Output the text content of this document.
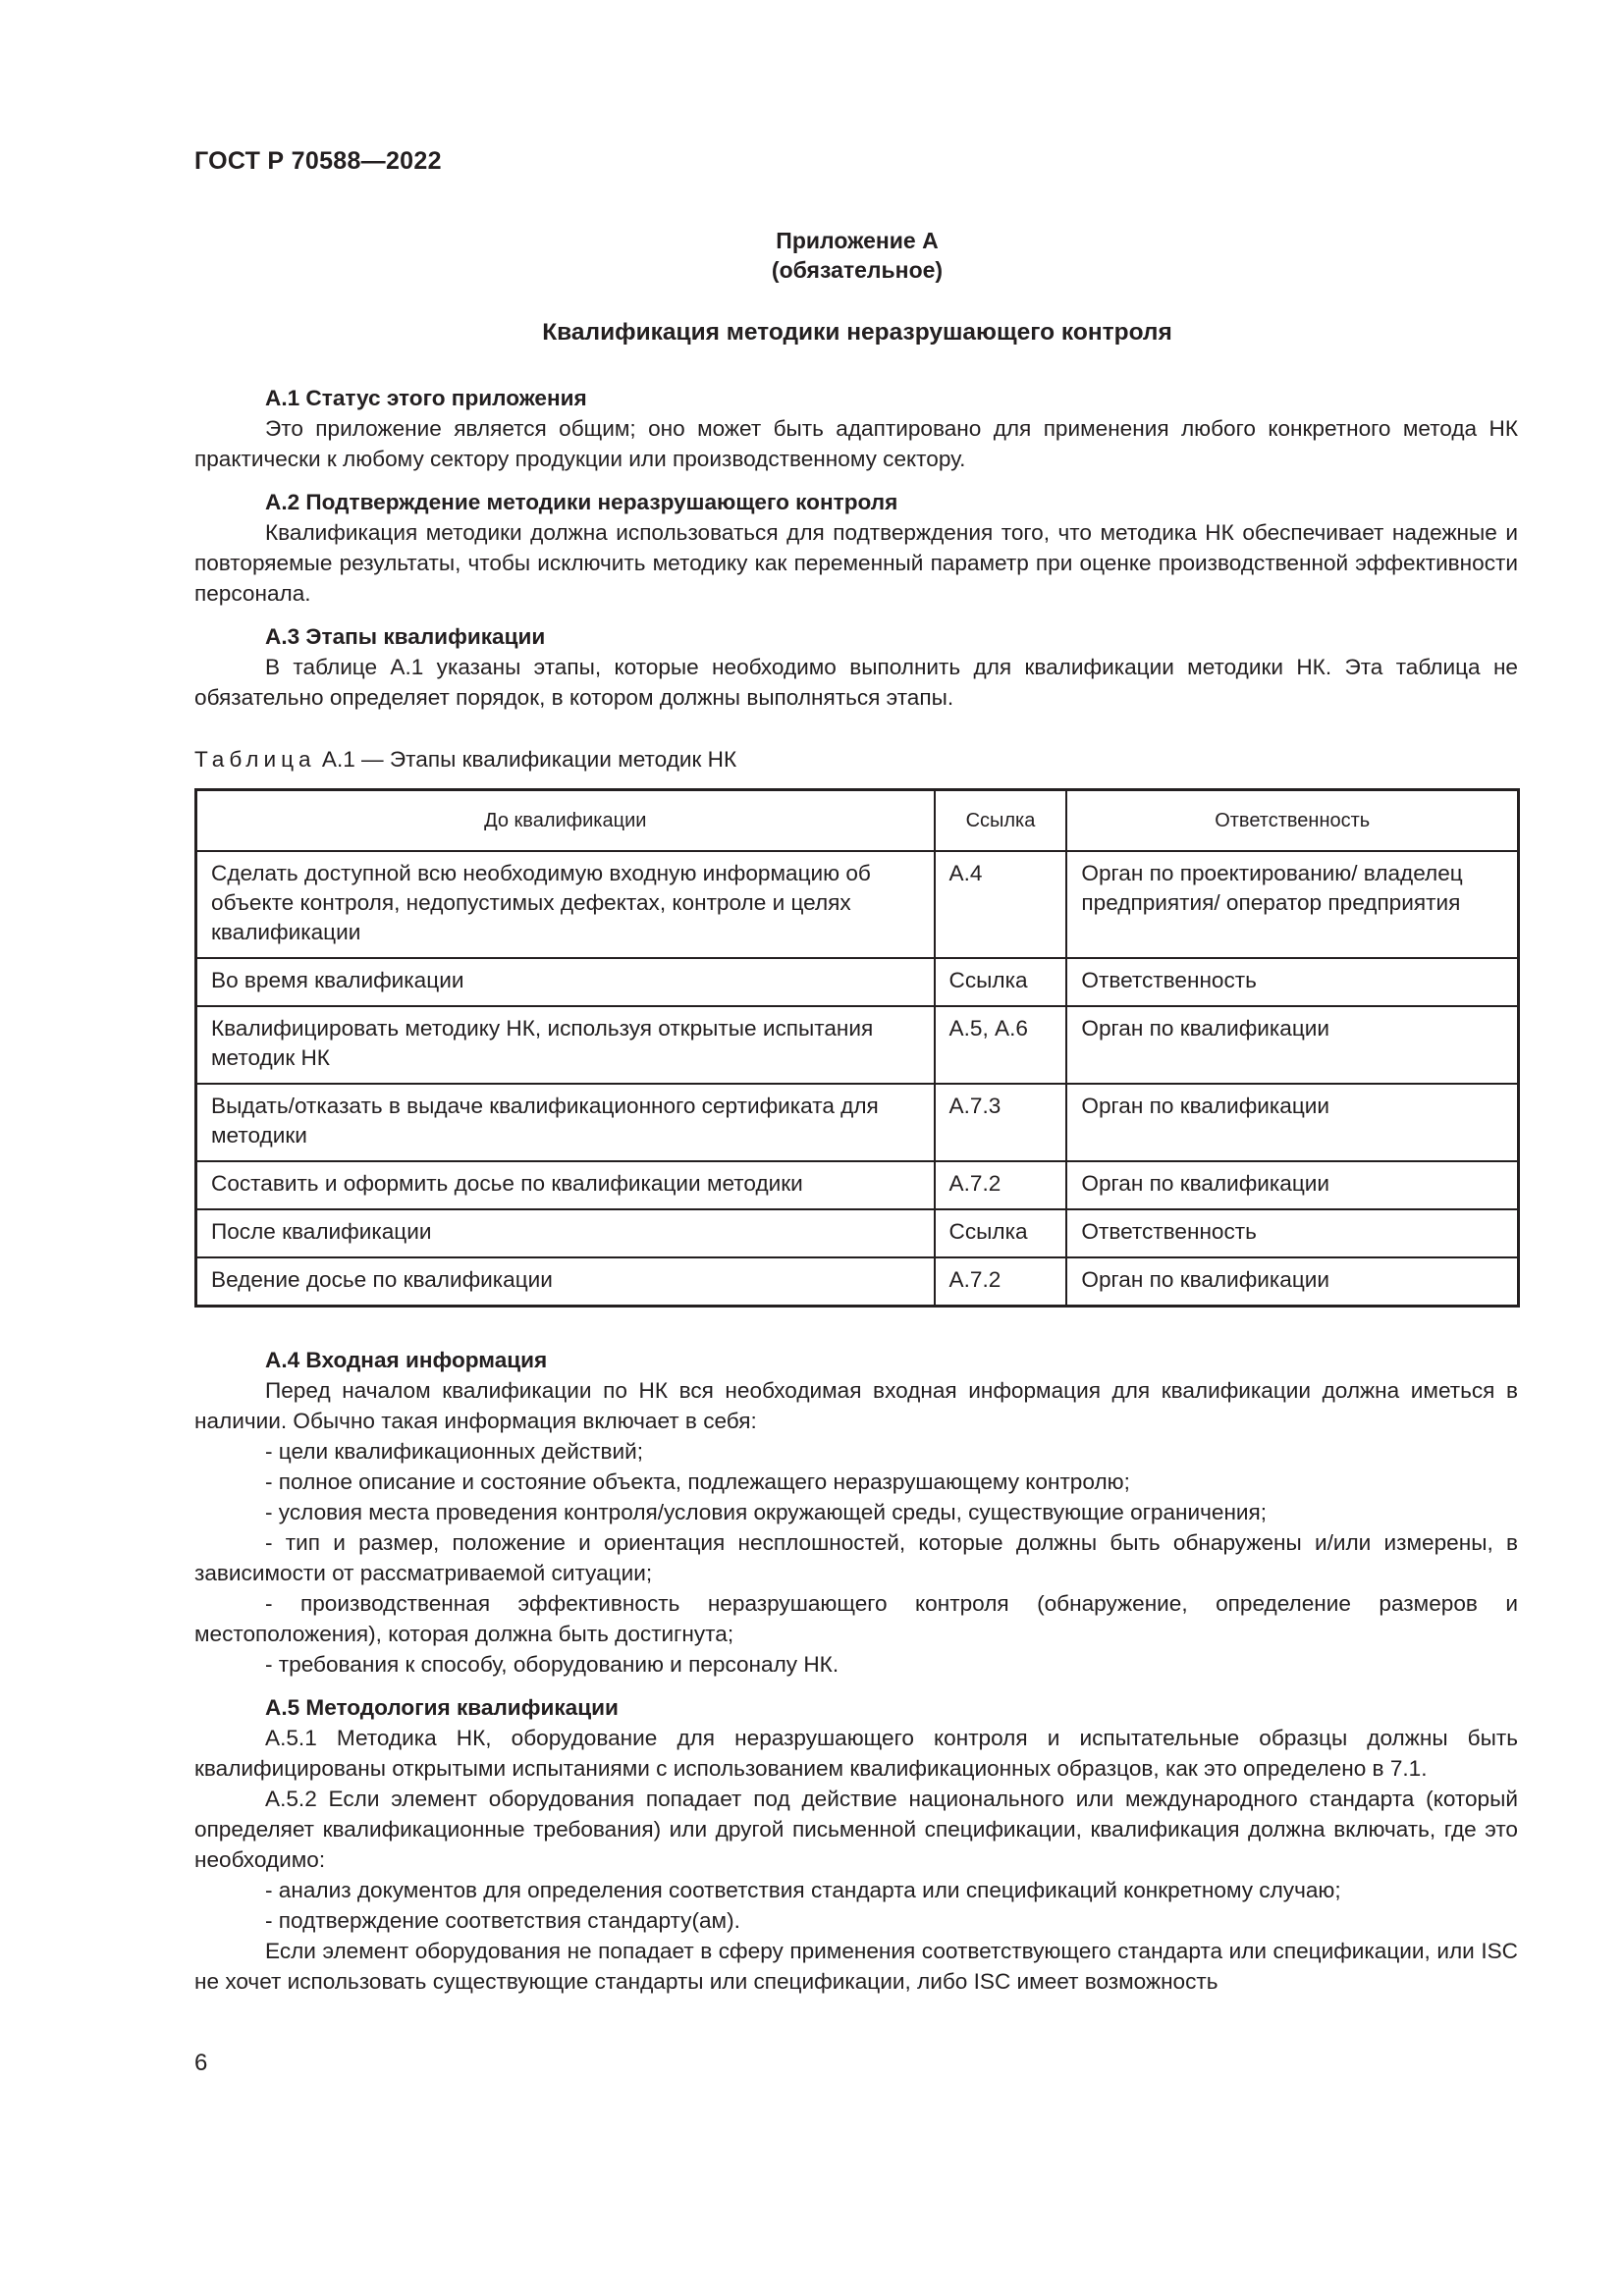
ГОСТ Р 70588—2022
Приложение А
(обязательное)
Квалификация методики неразрушающего контроля

А.1 Статус этого приложения

Это приложение является общим; оно может быть адаптировано для применения любого конкретного метода НК практически к любому сектору продукции или производственному сектору.

А.2 Подтверждение методики неразрушающего контроля

Квалификация методики должна использоваться для подтверждения того, что методика НК обеспечивает надежные и повторяемые результаты, чтобы исключить методику как переменный параметр при оценке производственной эффективности персонала.

А.3 Этапы квалификации

В таблице А.1 указаны этапы, которые необходимо выполнить для квалификации методики НК. Эта таблица не обязательно определяет порядок, в котором должны выполняться этапы.

Таблица А.1 — Этапы квалификации методик НК

До квалификации	Ссылка	Ответственность
Сделать доступной всю необходимую входную информацию об объекте контроля, недопустимых дефектах, контроле и целях квалификации	А.4	Орган по проектированию/ владелец предприятия/ оператор предприятия
Во время квалификации	Ссылка	Ответственность
Квалифицировать методику НК, используя открытые испытания методик НК	А.5, А.6	Орган по квалификации
Выдать/отказать в выдаче квалификационного сертификата для методики	А.7.3	Орган по квалификации
Составить и оформить досье по квалификации методики	А.7.2	Орган по квалификации
После квалификации	Ссылка	Ответственность
Ведение досье по квалификации	А.7.2	Орган по квалификации

А.4 Входная информация

Перед началом квалификации по НК вся необходимая входная информация для квалификации должна иметься в наличии. Обычно такая информация включает в себя:

- цели квалификационных действий;

- полное описание и состояние объекта, подлежащего неразрушающему контролю;

- условия места проведения контроля/условия окружающей среды, существующие ограничения;

- тип и размер, положение и ориентация несплошностей, которые должны быть обнаружены и/или измерены, в зависимости от рассматриваемой ситуации;

- производственная эффективность неразрушающего контроля (обнаружение, определение размеров и местоположения), которая должна быть достигнута;

- требования к способу, оборудованию и персоналу НК.

А.5 Методология квалификации

А.5.1 Методика НК, оборудование для неразрушающего контроля и испытательные образцы должны быть квалифицированы открытыми испытаниями с использованием квалификационных образцов, как это определено в 7.1.

А.5.2 Если элемент оборудования попадает под действие национального или международного стандарта (который определяет квалификационные требования) или другой письменной спецификации, квалификация должна включать, где это необходимо:

- анализ документов для определения соответствия стандарта или спецификаций конкретному случаю;

- подтверждение соответствия стандарту(ам).

Если элемент оборудования не попадает в сферу применения соответствующего стандарта или спецификации, или ISC не хочет использовать существующие стандарты или спецификации, либо ISC имеет возможность

6
